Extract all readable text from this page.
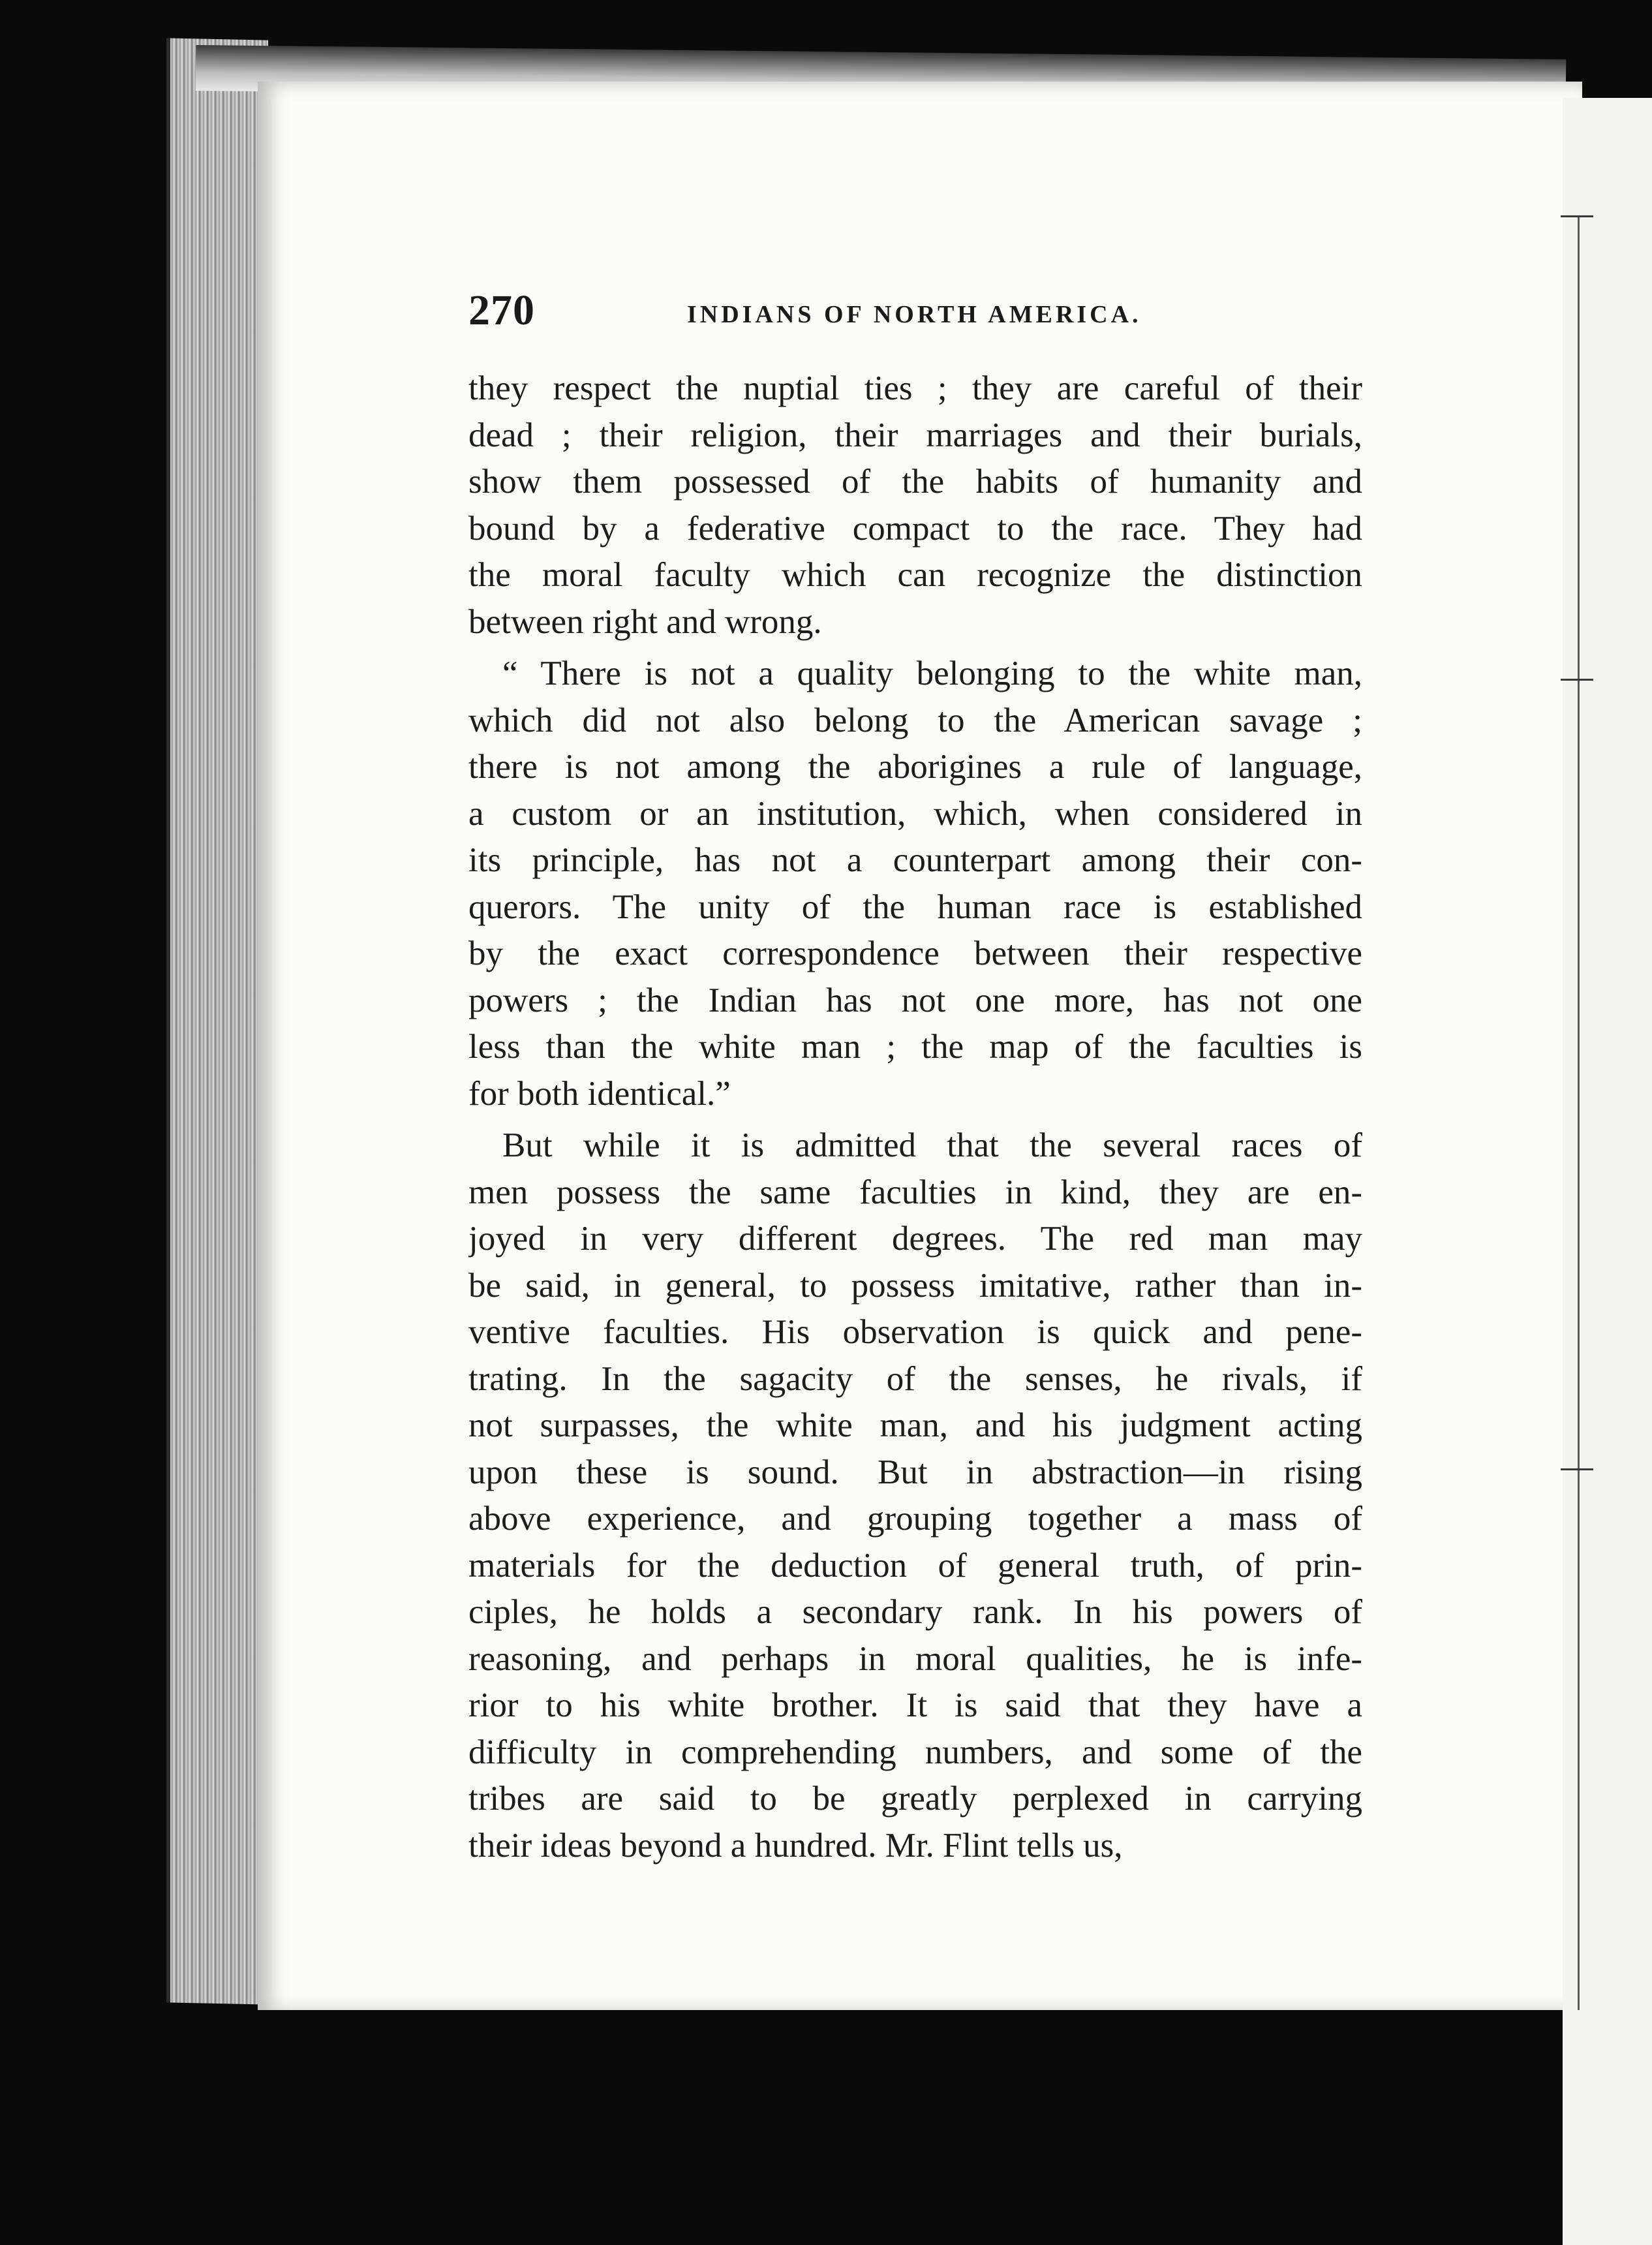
270	INDIANS OF NORTH AMERICA.
they respect the nuptial ties ; they are careful of their
dead ; their religion, their marriages and their burials,
show them possessed of the habits of humanity and
bound by a federative compact to the race. They had
the moral faculty which can recognize the distinction
between right and wrong.
“ There is not a quality belonging to the white man,
which did not also belong to the American savage ;
there is not among the aborigines a rule of language,
a custom or an institution, which, when considered in
its principle, has not a counterpart among their con-
querors. The unity of the human race is established
by the exact correspondence between their respective
powers ; the Indian has not one more, has not one
less than the white man ; the map of the faculties is
for both identical.”
But while it is admitted that the several races of
men possess the same faculties in kind, they are en-
joyed in very different degrees. The red man may
be said, in general, to possess imitative, rather than in-
ventive faculties. His observation is quick and pene-
trating. In the sagacity of the senses, he rivals, if
not surpasses, the white man, and his judgment acting
upon these is sound. But in abstraction—in rising
above experience, and grouping together a mass of
materials for the deduction of general truth, of prin-
ciples, he holds a secondary rank. In his powers of
reasoning, and perhaps in moral qualities, he is infe-
rior to his white brother. It is said that they have a
difficulty in comprehending numbers, and some of the
tribes are said to be greatly perplexed in carrying
their ideas beyond a hundred. Mr. Flint tells us,
